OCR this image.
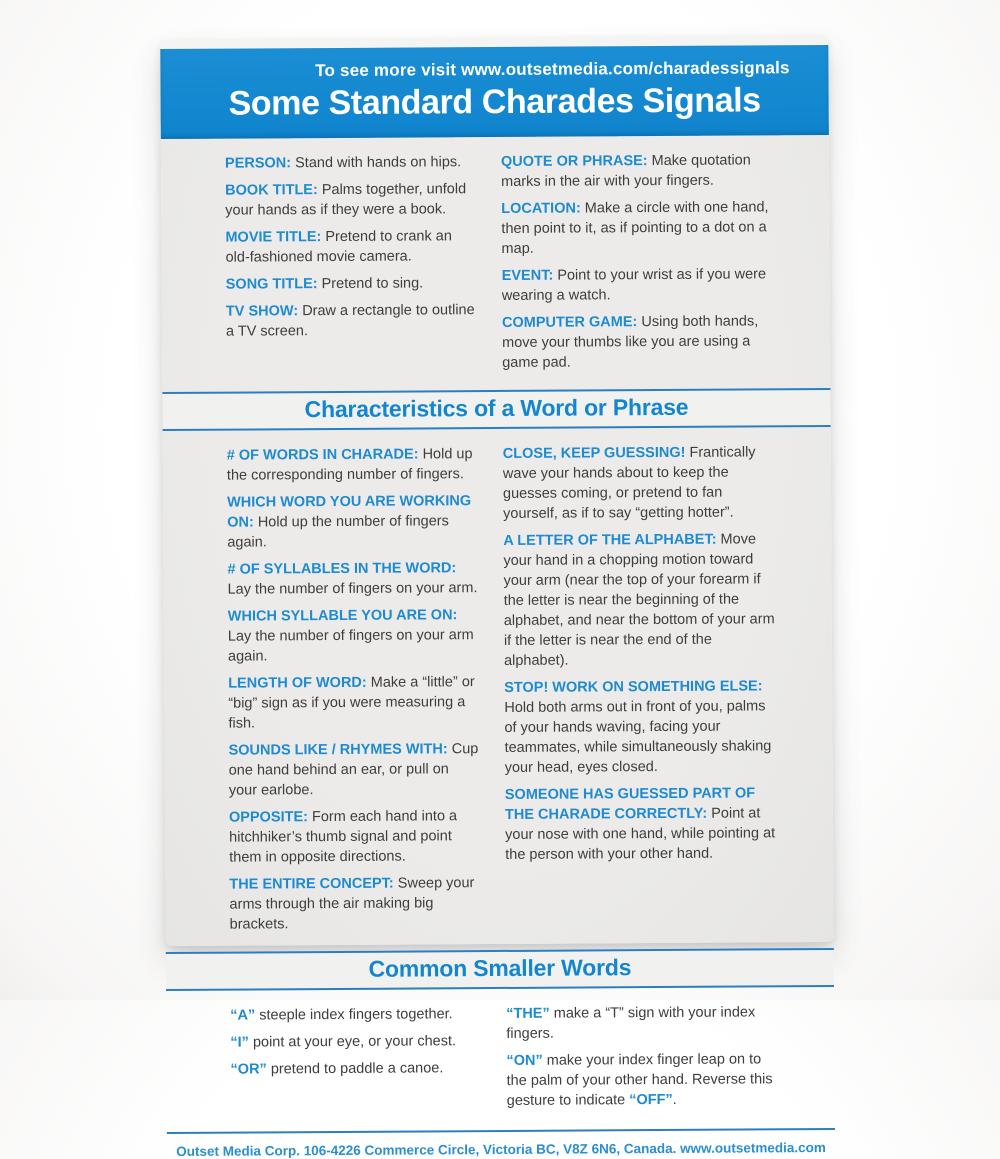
To see more visit www.outsetmedia.com/charadessignals
Some Standard Charades Signals

PERSON: Stand with hands on hips.

BOOK TITLE: Palms together, unfold your hands as if they were a book.

MOVIE TITLE: Pretend to crank an old-fashioned movie camera.

SONG TITLE: Pretend to sing.

TV SHOW: Draw a rectangle to outline a TV screen.

QUOTE OR PHRASE: Make quotation marks in the air with your fingers.

LOCATION: Make a circle with one hand, then point to it, as if pointing to a dot on a map.

EVENT: Point to your wrist as if you were wearing a watch.

COMPUTER GAME: Using both hands, move your thumbs like you are using a game pad.

Characteristics of a Word or Phrase

# OF WORDS IN CHARADE: Hold up the corresponding number of fingers.

WHICH WORD YOU ARE WORKING ON: Hold up the number of fingers again.

# OF SYLLABLES IN THE WORD: Lay the number of fingers on your arm.

WHICH SYLLABLE YOU ARE ON: Lay the number of fingers on your arm again.

LENGTH OF WORD: Make a “little” or “big” sign as if you were measuring a fish.

SOUNDS LIKE / RHYMES WITH: Cup one hand behind an ear, or pull on your earlobe.

OPPOSITE: Form each hand into a hitchhiker’s thumb signal and point them in opposite directions.

THE ENTIRE CONCEPT: Sweep your arms through the air making big brackets.

CLOSE, KEEP GUESSING! Frantically wave your hands about to keep the guesses coming, or pretend to fan yourself, as if to say “getting hotter”.

A LETTER OF THE ALPHABET: Move your hand in a chopping motion toward your arm (near the top of your forearm if the letter is near the beginning of the alphabet, and near the bottom of your arm if the letter is near the end of the alphabet).

STOP! WORK ON SOMETHING ELSE: Hold both arms out in front of you, palms of your hands waving, facing your teammates, while simultaneously shaking your head, eyes closed.

SOMEONE HAS GUESSED PART OF THE CHARADE CORRECTLY: Point at your nose with one hand, while pointing at the person with your other hand.

Common Smaller Words

“A” steeple index fingers together.

“I” point at your eye, or your chest.

“OR” pretend to paddle a canoe.

“THE” make a “T” sign with your index fingers.

“ON” make your index finger leap on to the palm of your other hand. Reverse this gesture to indicate “OFF”.

Outset Media Corp. 106-4226 Commerce Circle, Victoria BC, V8Z 6N6, Canada. www.outsetmedia.com
